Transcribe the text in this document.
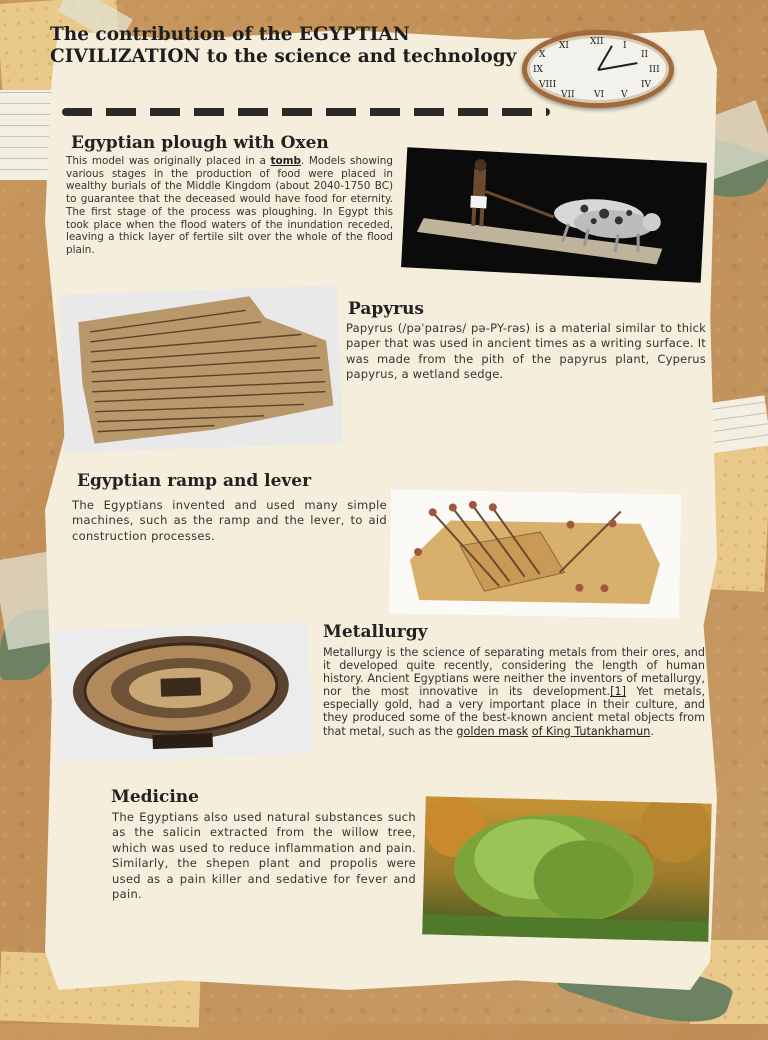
The contribution of the EGYPTIAN CIVILIZATION to the science and technology
XII
III
VI
IX
I
II
IV
V
VII
VIII
X
XI
Egyptian plough with Oxen

This model was originally placed in a tomb. Models showing various stages in the production of food were placed in wealthy burials of the Middle Kingdom (about 2040-1750 BC) to guarantee that the deceased would have food for eternity. The first stage of the process was ploughing. In Egypt this took place when the flood waters of the inundation receded, leaving a thick layer of fertile silt over the whole of the flood plain.

Papyrus

Papyrus (/pəˈpaɪrəs/ pə-PY-rəs) is a material similar to thick paper that was used in ancient times as a writing surface. It was made from the pith of the papyrus plant, Cyperus papyrus, a wetland sedge.

Egyptian ramp and lever

The Egyptians invented and used many simple machines, such as the ramp and the lever, to aid construction processes.

Metallurgy

Metallurgy is the science of separating metals from their ores, and it developed quite recently, considering the length of human history. Ancient Egyptians were neither the inventors of metallurgy, nor the most innovative in its development.[1] Yet metals, especially gold, had a very important place in their culture, and they produced some of the best-known ancient metal objects from that metal, such as the golden mask of King Tutankhamun.

Medicine

The Egyptians also used natural substances such as the salicin extracted from the willow tree, which was used to reduce inflammation and pain. Similarly, the shepen plant and propolis were used as a pain killer and sedative for fever and pain.
